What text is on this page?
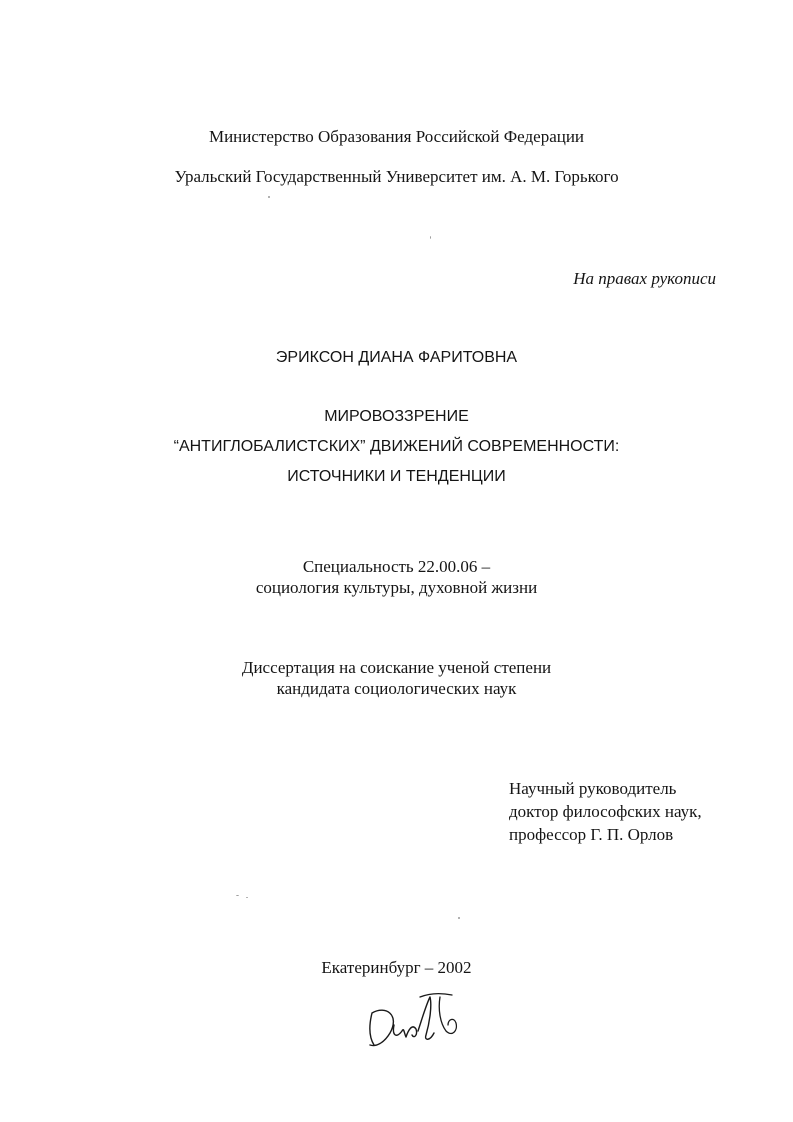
Министерство Образования Российской Федерации
Уральский Государственный Университет им. А. М. Горького
На правах рукописи
ЭРИКСОН ДИАНА ФАРИТОВНА
МИРОВОЗЗРЕНИЕ
“АНТИГЛОБАЛИСТСКИХ” ДВИЖЕНИЙ СОВРЕМЕННОСТИ:
ИСТОЧНИКИ И ТЕНДЕНЦИИ
Специальность 22.00.06 –
социология культуры, духовной жизни
Диссертация на соискание ученой степени
кандидата социологических наук
Научный руководитель
доктор философских наук,
профессор Г. П. Орлов
Екатеринбург – 2002
